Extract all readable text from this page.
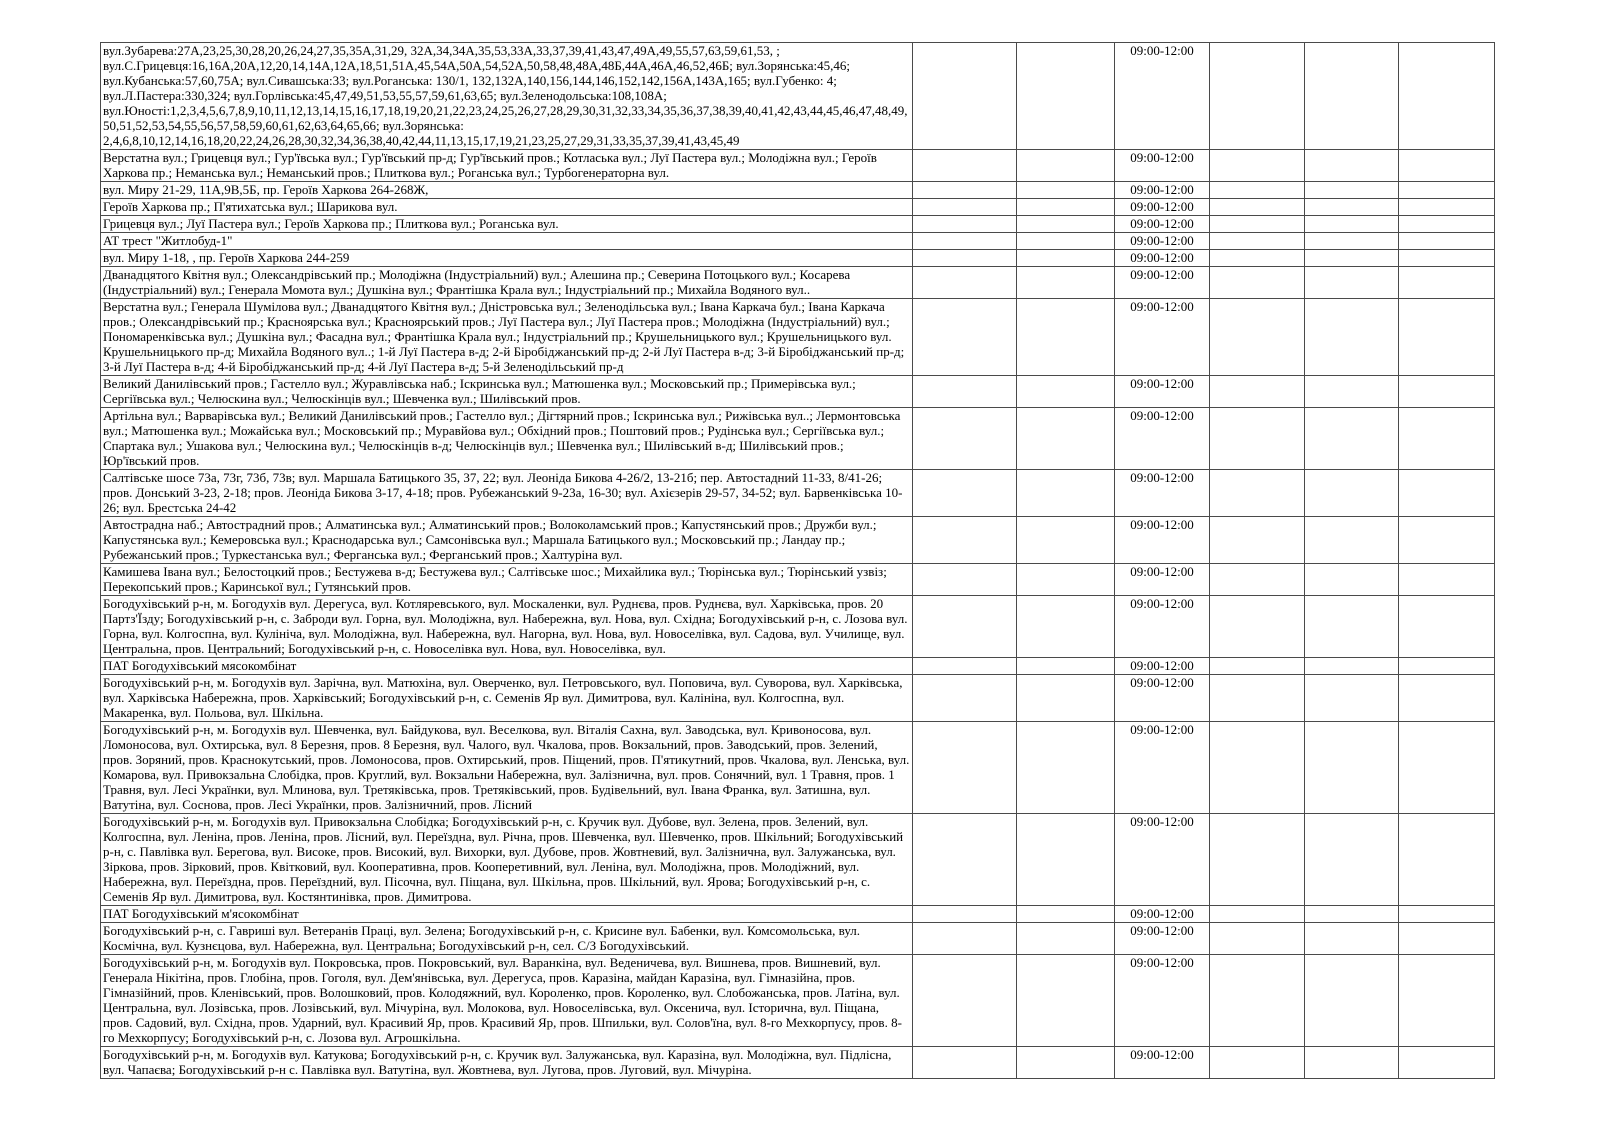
вул.Зубарева:27А,23,25,30,28,20,26,24,27,35,35А,31,29, 32А,34,34А,35,53,33А,33,37,39,41,43,47,49А,49,55,57,63,59,61,53, ; вул.С.Грицевця:16,16А,20А,12,20,14,14А,12А,18,51,51А,45,54А,50А,54,52А,50,58,48,48А,48Б,44А,46А,46,52,46Б; вул.Зорянська:45,46; вул.Кубанська:57,60,75А; вул.Сивашська:33; вул.Роганська: 130/1, 132,132А,140,156,144,146,152,142,156А,143А,165; вул.Губенко: 4; вул.Л.Пастера:330,324; вул.Горлівська:45,47,49,51,53,55,57,59,61,63,65; вул.Зеленодольська:108,108А; вул.Юності:1,2,3,4,5,6,7,8,9,10,11,12,13,14,15,16,17,18,19,20,21,22,23,24,25,26,27,28,29,30,31,32,33,34,35,36,37,38,39,40,41,42,43,44,45,46,47,48,49,50,51,52,53,54,55,56,57,58,59,60,61,62,63,64,65,66; вул.Зорянська: 2,4,6,8,10,12,14,16,18,20,22,24,26,28,30,32,34,36,38,40,42,44,11,13,15,17,19,21,23,25,27,29,31,33,35,37,39,41,43,45,49			09:00-12:00			
Верстатна вул.; Грицевця вул.; Гур'ївська вул.; Гур'ївський пр-д; Гур'ївський пров.; Котласька вул.; Луї Пастера вул.; Молодіжна вул.; Героїв Харкова пр.; Неманська вул.; Неманський пров.; Плиткова вул.; Роганська вул.; Турбогенераторна вул.			09:00-12:00			
вул. Миру 21-29, 11А,9В,5Б, пр. Героїв Харкова 264-268Ж,			09:00-12:00			
Героїв Харкова пр.; П'ятихатська вул.; Шарикова вул.			09:00-12:00			
Грицевця вул.; Луї Пастера вул.; Героїв Харкова пр.; Плиткова вул.; Роганська вул.			09:00-12:00			
АТ трест "Житлобуд-1"			09:00-12:00			
вул. Миру 1-18, , пр. Героїв Харкова 244-259			09:00-12:00			
Дванадцятого Квітня вул.; Олександрівський пр.; Молодіжна (Індустріальний) вул.; Алешина пр.; Северина Потоцького вул.; Косарева (Індустріальний) вул.; Генерала Момота вул.; Душкіна вул.; Франтішка Крала вул.; Індустріальний пр.; Михайла Водяного вул..			09:00-12:00			
Верстатна вул.; Генерала Шумілова вул.; Дванадцятого Квітня вул.; Дністровська вул.; Зеленодільська вул.; Івана Каркача бул.; Івана Каркача пров.; Олександрівський пр.; Красноярська вул.; Красноярський пров.; Луї Пастера вул.; Луї Пастера пров.; Молодіжна (Індустріальний) вул.; Пономаренківська вул.; Душкіна вул.; Фасадна вул.; Франтішка Крала вул.; Індустріальний пр.; Крушельницького вул.; Крушельницького вул. Крушельницького пр-д; Михайла Водяного вул..; 1-й Луї Пастера в-д; 2-й Біробіджанський пр-д; 2-й Луї Пастера в-д; 3-й Біробіджанський пр-д; 3-й Луї Пастера в-д; 4-й Біробіджанський пр-д; 4-й Луї Пастера в-д; 5-й Зеленодільський пр-д			09:00-12:00			
Великий Данилівський пров.; Гастелло вул.; Журавлівська наб.; Іскринська вул.; Матюшенка вул.; Московський пр.; Примерівська вул.; Сергіївська вул.; Челюскина вул.; Челюскінців вул.; Шевченка вул.; Шилівський пров.			09:00-12:00			
Артільна вул.; Варварівська вул.; Великий Данилівський пров.; Гастелло вул.; Дігтярний пров.; Іскринська вул.; Рижівська вул..; Лермонтовська вул.; Матюшенка вул.; Можайська вул.; Московський пр.; Муравйова вул.; Обхідний пров.; Поштовий пров.; Рудінська вул.; Сергіївська вул.; Спартака вул.; Ушакова вул.; Челюскина вул.; Челюскінців в-д; Челюскінців вул.; Шевченка вул.; Шилівський в-д; Шилівський пров.; Юр'ївський пров.			09:00-12:00			
Салтівське шосе 73а, 73г, 73б, 73в; вул. Маршала Батицького 35, 37, 22; вул. Леоніда Бикова 4-26/2, 13-21б; пер. Автостадний 11-33, 8/41-26; пров. Донський 3-23, 2-18; пров. Леоніда Бикова 3-17, 4-18; пров. Рубежанський 9-23а, 16-30; вул. Ахієзерів 29-57, 34-52; вул. Барвенківська 10-26; вул. Брестська 24-42			09:00-12:00			
Автострадна наб.; Автострадний пров.; Алматинська вул.; Алматинський пров.; Волоколамський пров.; Капустянський пров.; Дружби вул.; Капустянська вул.; Кемеровська вул.; Краснодарська вул.; Самсонівська вул.; Маршала Батицького вул.; Московський пр.; Ландау пр.; Рубежанський пров.; Туркестанська вул.; Ферганська вул.; Ферганський пров.; Халтуріна вул.			09:00-12:00			
Камишева Івана вул.; Белостоцкий пров.; Бестужева в-д; Бестужева вул.; Салтівське шос.; Михайлика вул.; Тюрінська вул.; Тюрінський узвіз; Перекопський пров.; Каринської вул.; Гутянський пров.			09:00-12:00			
Богодухівський р-н, м. Богодухів вул. Дерегуса, вул. Котляревського, вул. Москаленки, вул. Руднєва, пров. Руднєва, вул. Харківська, пров. 20 Партз'Їзду; Богодухівський р-н, с. Заброди вул. Горна, вул. Молодіжна, вул. Набережна, вул. Нова, вул. Східна; Богодухівський р-н, с. Лозова вул. Горна, вул. Колгоспна, вул. Кулініча, вул. Молодіжна, вул. Набережна, вул. Нагорна, вул. Нова, вул. Новоселівка, вул. Садова, вул. Училище, вул. Центральна, пров. Центральний; Богодухівський р-н, с. Новоселівка вул. Нова, вул. Новоселівка, вул.			09:00-12:00			
ПАТ Богодухівський мясокомбінат			09:00-12:00			
Богодухівський р-н, м. Богодухів вул. Зарічна, вул. Матюхіна, вул. Оверченко, вул. Петровського, вул. Поповича, вул. Суворова, вул. Харківська, вул. Харківська Набережна, пров. Харківський; Богодухівський р-н, с. Семенів Яр вул. Димитрова, вул. Калініна, вул. Колгоспна, вул. Макаренка, вул. Польова, вул. Шкільна.			09:00-12:00			
Богодухівський р-н, м. Богодухів вул. Шевченка, вул. Байдукова, вул. Веселкова, вул. Віталія Сахна, вул. Заводська, вул. Кривоносова, вул. Ломоносова, вул. Охтирська, вул. 8 Березня, пров. 8 Березня, вул. Чалого, вул. Чкалова, пров. Вокзальний, пров. Заводський, пров. Зелений, пров. Зоряний, пров. Краснокутський, пров. Ломоносова, пров. Охтирський, пров. Піщений, пров. П'ятикутний, пров. Чкалова, вул. Ленська, вул. Комарова, вул. Привокзальна Слобідка, пров. Круглий, вул. Вокзальни Набережна, вул. Залізнична, вул. пров. Сонячний, вул. 1 Травня, пров. 1 Травня, вул. Лесі Українки, вул. Млинова, вул. Третяківська, пров. Третяківський, пров. Будівельний, вул. Івана Франка, вул. Затишна, вул. Ватутіна, вул. Соснова, пров. Лесі Українки, пров. Залізничний, пров. Лісний			09:00-12:00			
Богодухівський р-н, м. Богодухів вул. Привокзальна Слобідка; Богодухівський р-н, с. Кручик вул. Дубове, вул. Зелена, пров. Зелений, вул. Колгоспна, вул. Леніна, пров. Леніна, пров. Лісний, вул. Переїздна, вул. Річна, пров. Шевченка, вул. Шевченко, пров. Шкільний; Богодухівський р-н, с. Павлівка вул. Берегова, вул. Високе, пров. Високий, вул. Вихорки, вул. Дубове, пров. Жовтневий, вул. Залізнична, вул. Залужанська, вул. Зіркова, пров. Зірковий, пров. Квітковий, вул. Кооперативна, пров. Кооперетивний, вул. Леніна, вул. Молодіжна, пров. Молодіжний, вул. Набережна, вул. Переїздна, пров. Переїздний, вул. Пісочна, вул. Піщана, вул. Шкільна, пров. Шкільний, вул. Ярова; Богодухівський р-н, с. Семенів Яр вул. Димитрова, вул. Костянтинівка, пров. Димитрова.			09:00-12:00			
ПАТ Богодухівський м'ясокомбінат			09:00-12:00			
Богодухівський р-н, с. Гавриші вул. Ветеранів Праці, вул. Зелена; Богодухівський р-н, с. Крисине вул. Бабенки, вул. Комсомольська, вул. Космічна, вул. Кузнєцова, вул. Набережна, вул. Центральна; Богодухівський р-н, сел. С/З Богодухівський.			09:00-12:00			
Богодухівський р-н, м. Богодухів вул. Покровська, пров. Покровський, вул. Варанкіна, вул. Веденичева, вул. Вишнева, пров. Вишневий, вул. Генерала Нікітіна, пров. Глобіна, пров. Гоголя, вул. Дем'янівська, вул. Дерегуса, пров. Каразіна, майдан Каразіна, вул. Гімназійна, пров. Гімназійний, пров. Кленівський, пров. Волошковий, пров. Колодяжний, вул. Короленко, пров. Короленко, вул. Слобожанська, пров. Латіна, вул. Центральна, вул. Лозівська, пров. Лозівський, вул. Мічуріна, вул. Молокова, вул. Новоселівська, вул. Оксенича, вул. Історична, вул. Піщана, пров. Садовий, вул. Східна, пров. Ударний, вул. Красивий Яр, пров. Красивий Яр, пров. Шпильки, вул. Солов'їна, вул. 8-го Мехкорпусу, пров. 8-го Мехкорпусу; Богодухівський р-н, с. Лозова вул. Агрошкільна.			09:00-12:00			
Богодухівський р-н, м. Богодухів вул. Катукова; Богодухівський р-н, с. Кручик вул. Залужанська, вул. Каразіна, вул. Молодіжна, вул. Підлісна, вул. Чапаєва; Богодухівський р-н с. Павлівка вул. Ватутіна, вул. Жовтнева, вул. Лугова, пров. Луговий, вул. Мічуріна.			09:00-12:00			
